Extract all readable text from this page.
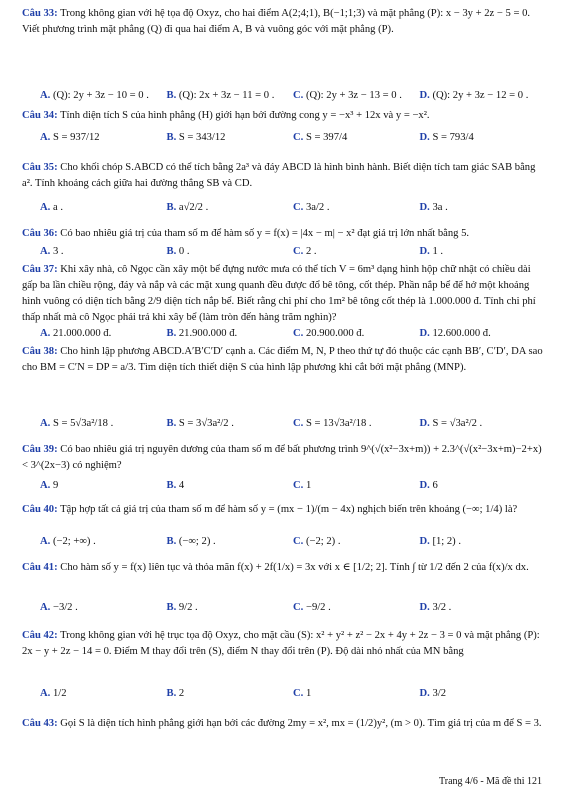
Câu 33: Trong không gian với hệ tọa độ Oxyz, cho hai điểm A(2;4;1), B(−1;1;3) và mặt phẳng (P): x − 3y + 2z − 5 = 0. Viết phương trình mặt phẳng (Q) đi qua hai điểm A, B và vuông góc với mặt phẳng (P).
A. (Q): 2y + 3z − 10 = 0 .	B. (Q): 2x + 3z − 11 = 0 .	C. (Q): 2y + 3z − 13 = 0 .	D. (Q): 2y + 3z − 12 = 0 .
Câu 34: Tính diện tích S của hình phẳng (H) giới hạn bởi đường cong y = −x³ + 12x và y = −x².
A. S = 937/12	B. S = 343/12	C. S = 397/4	D. S = 793/4
Câu 35: Cho khối chóp S.ABCD có thể tích bằng 2a³ và đáy ABCD là hình bình hành. Biết diện tích tam giác SAB bằng a². Tính khoảng cách giữa hai đường thẳng SB và CD.
A. a .	B. a√2/2 .	C. 3a/2 .	D. 3a .
Câu 36: Có bao nhiêu giá trị của tham số m để hàm số y = f(x) = |4x − m| − x² đạt giá trị lớn nhất bằng 5.
A. 3 .	B. 0 .	C. 2 .	D. 1 .
Câu 37: Khi xây nhà, cô Ngọc cần xây một bể đựng nước mưa có thể tích V = 6m³ dạng hình hộp chữ nhật có chiều dài gấp ba lần chiều rộng, đáy và nắp và các mặt xung quanh đều được đổ bê tông, cốt thép. Phần nắp bể để hở một khoảng hình vuông có diện tích bằng 2/9 diện tích nắp bể. Biết rằng chi phí cho 1m² bê tông cốt thép là 1.000.000 đ. Tính chi phí thấp nhất mà cô Ngọc phải trả khi xây bể (làm tròn đến hàng trăm nghìn)?
A. 21.000.000 đ.	B. 21.900.000 đ.	C. 20.900.000 đ.	D. 12.600.000 đ.
Câu 38: Cho hình lập phương ABCD.A′B′C′D′ cạnh a. Các điểm M, N, P theo thứ tự đó thuộc các cạnh BB′, C′D′, DA sao cho BM = C′N = DP = a/3. Tìm diện tích thiết diện S của hình lập phương khi cắt bởi mặt phẳng (MNP).
A. S = 5√3a²/18 .	B. S = 3√3a²/2 .	C. S = 13√3a²/18 .	D. S = √3a²/2 .
Câu 39: Có bao nhiêu giá trị nguyên dương của tham số m để bất phương trình 9^(√(x²−3x+m)) + 2.3^(√(x²−3x+m)−2+x) < 3^(2x−3) có nghiệm?
A. 9	B. 4	C. 1	D. 6
Câu 40: Tập hợp tất cả giá trị của tham số m để hàm số y = (mx − 1)/(m − 4x) nghịch biến trên khoảng (−∞; 1/4) là?
A. (−2; +∞) .	B. (−∞; 2) .	C. (−2; 2) .	D. [1; 2) .
Câu 41: Cho hàm số y = f(x) liên tục và thỏa mãn f(x) + 2f(1/x) = 3x với x ∈ [1/2; 2]. Tính ∫ từ 1/2 đến 2 của f(x)/x dx.
A. −3/2 .	B. 9/2 .	C. −9/2 .	D. 3/2 .
Câu 42: Trong không gian với hệ trục tọa độ Oxyz, cho mặt cầu (S): x² + y² + z² − 2x + 4y + 2z − 3 = 0 và mặt phẳng (P): 2x − y + 2z − 14 = 0. Điểm M thay đổi trên (S), điểm N thay đổi trên (P). Độ dài nhỏ nhất của MN bằng
A. 1/2	B. 2	C. 1	D. 3/2
Câu 43: Gọi S là diện tích hình phẳng giới hạn bởi các đường 2my = x², mx = (1/2)y², (m > 0). Tìm giá trị của m để S = 3.
Trang 4/6 - Mã đề thi 121
